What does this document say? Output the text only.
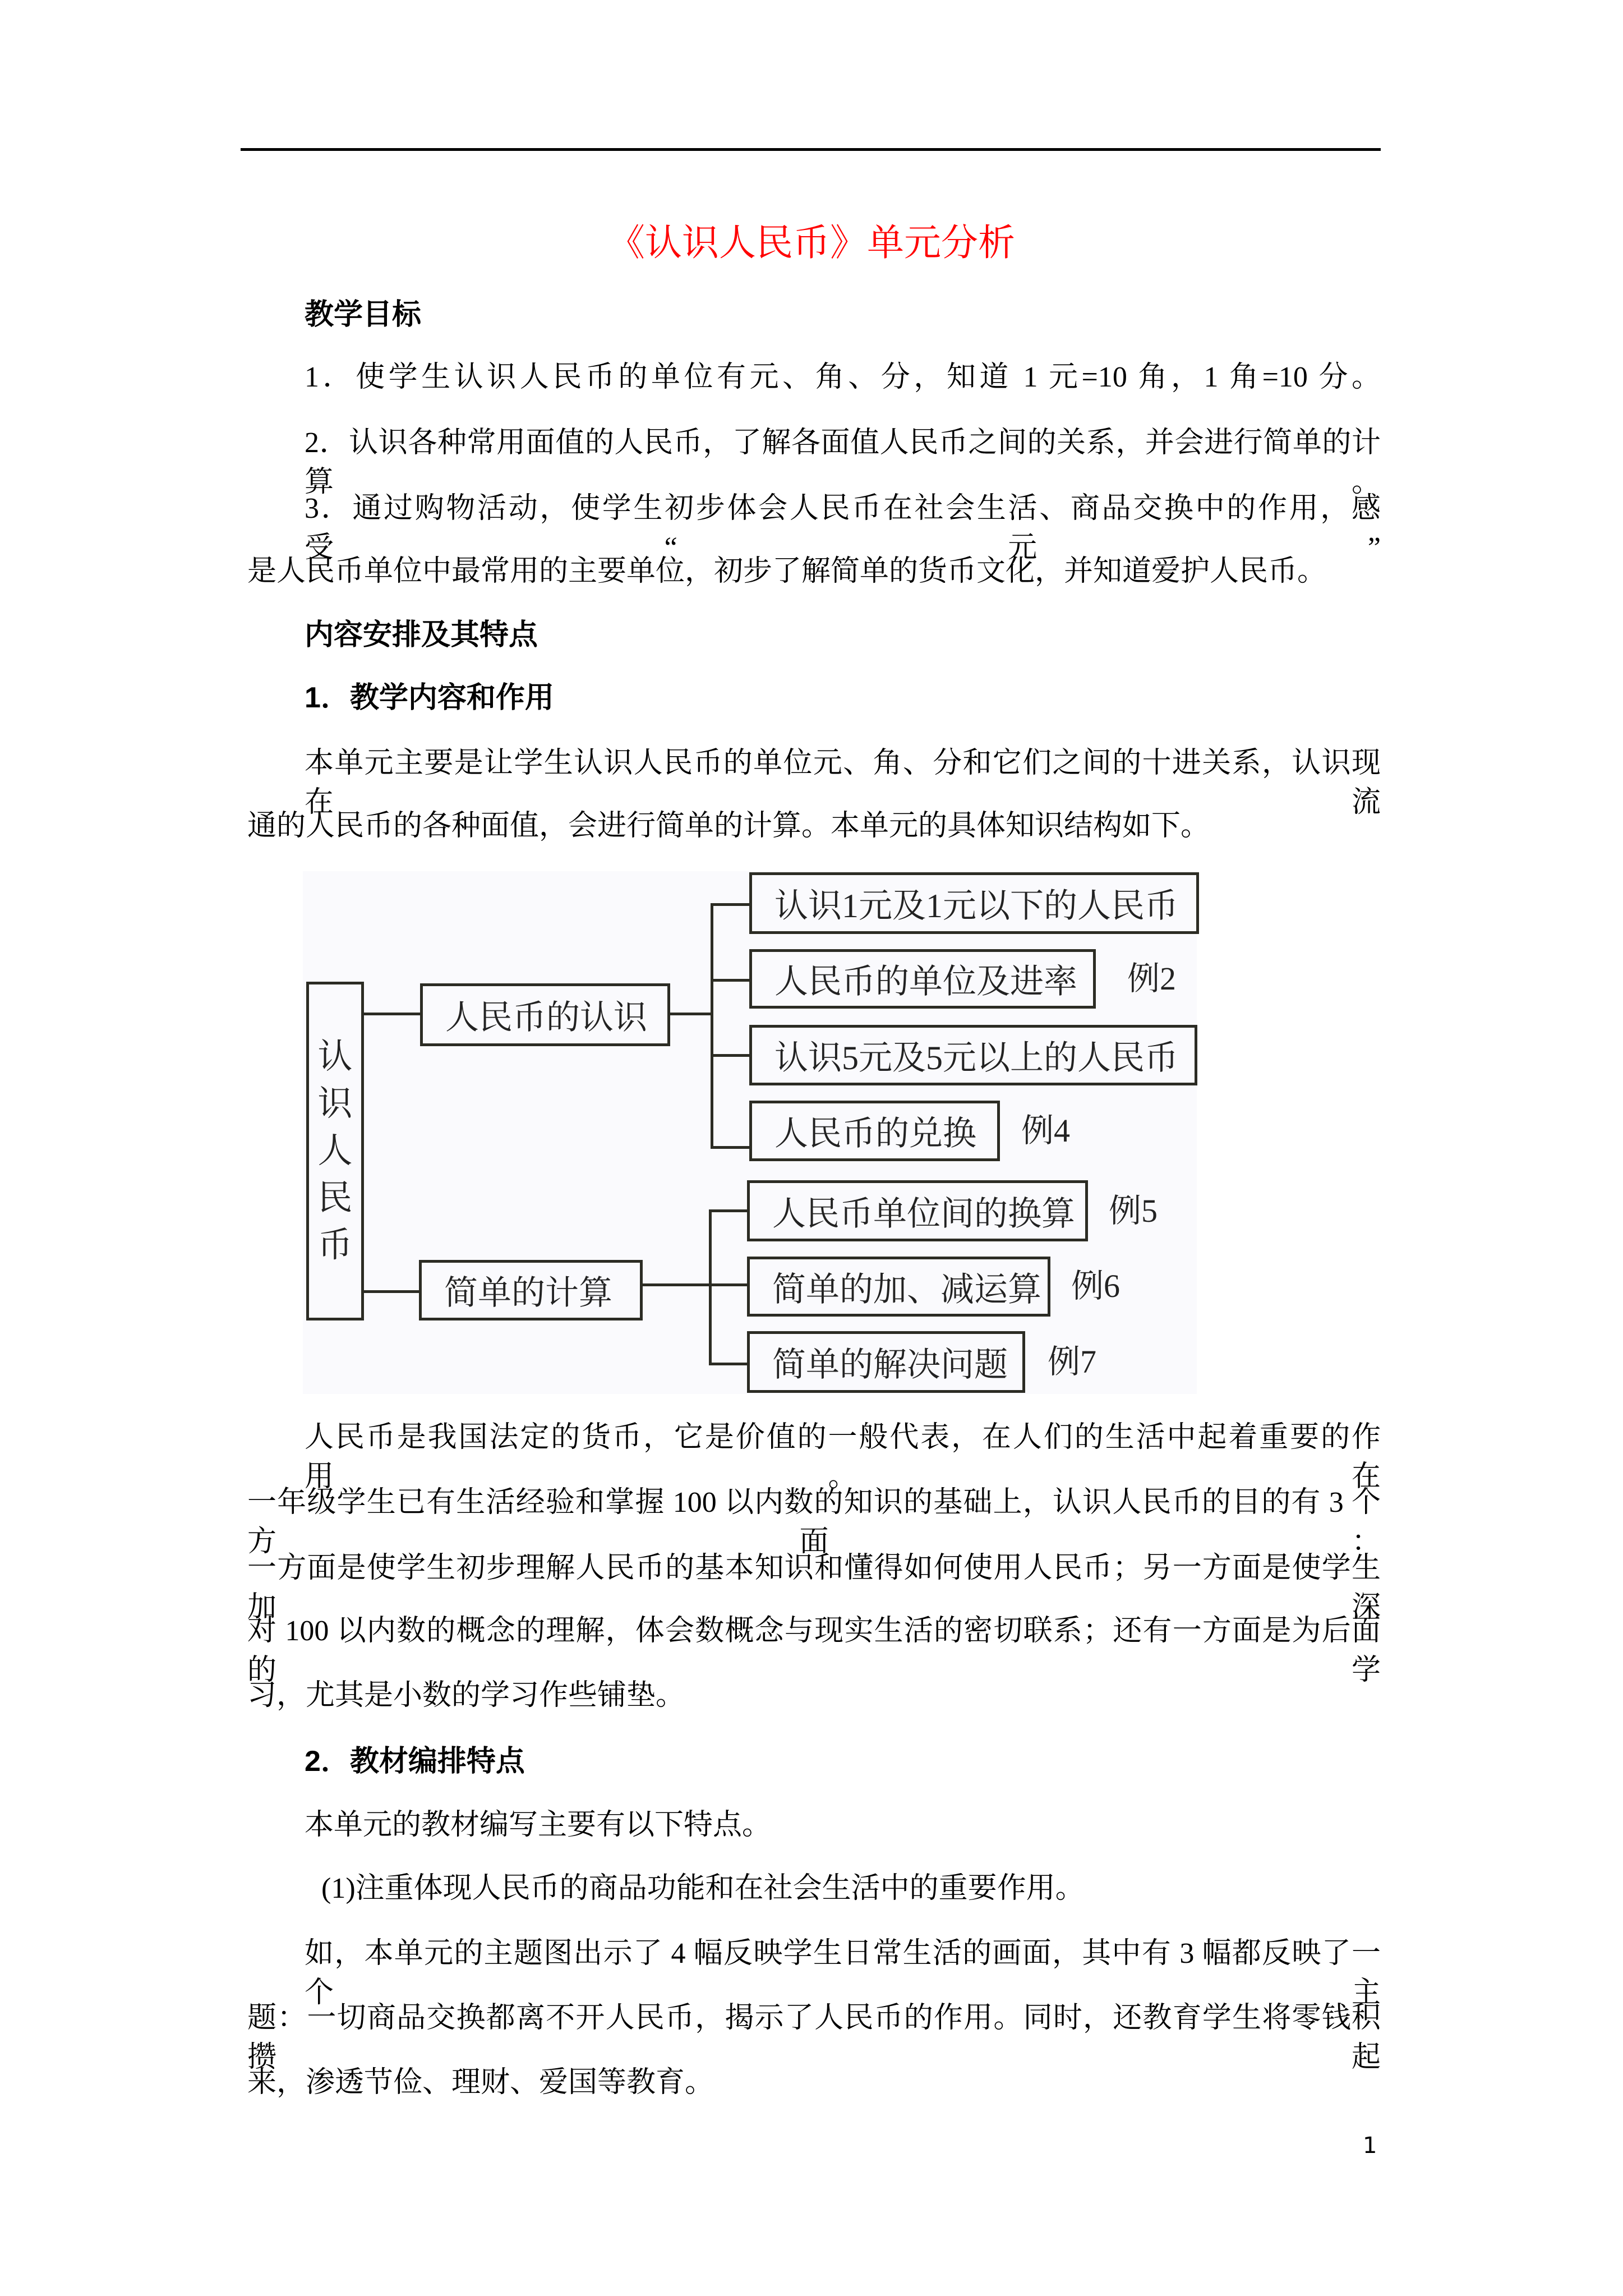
《认识人民币》单元分析
教学目标
1．使学生认识人民币的单位有元、角、分，知道 1 元=10 角，1 角=10 分。
2．认识各种常用面值的人民币，了解各面值人民币之间的关系，并会进行简单的计算。
3．通过购物活动，使学生初步体会人民币在社会生活、商品交换中的作用，感受“元”
是人民币单位中最常用的主要单位，初步了解简单的货币文化，并知道爱护人民币。
内容安排及其特点
1．教学内容和作用
本单元主要是让学生认识人民币的单位元、角、分和它们之间的十进关系，认识现在流
通的人民币的各种面值，会进行简单的计算。本单元的具体知识结构如下。
认
识
人
民
币
人民币的认识
认识1元及1元以下的人民币
人民币的单位及进率 例2
认识5元及5元以上的人民币
人民币的兑换 例4
简单的计算
人民币单位间的换算 例5
简单的加、减运算 例6
简单的解决问题 例7
人民币是我国法定的货币，它是价值的一般代表，在人们的生活中起着重要的作用。在
一年级学生已有生活经验和掌握 100 以内数的知识的基础上，认识人民币的目的有 3 个方面：
一方面是使学生初步理解人民币的基本知识和懂得如何使用人民币；另一方面是使学生加深
对 100 以内数的概念的理解，体会数概念与现实生活的密切联系；还有一方面是为后面的学
习，尤其是小数的学习作些铺垫。
2．教材编排特点
本单元的教材编写主要有以下特点。
(1)注重体现人民币的商品功能和在社会生活中的重要作用。
如，本单元的主题图出示了 4 幅反映学生日常生活的画面，其中有 3 幅都反映了一个主
题：一切商品交换都离不开人民币，揭示了人民币的作用。同时，还教育学生将零钱积攒起
来，渗透节俭、理财、爱国等教育。
1
